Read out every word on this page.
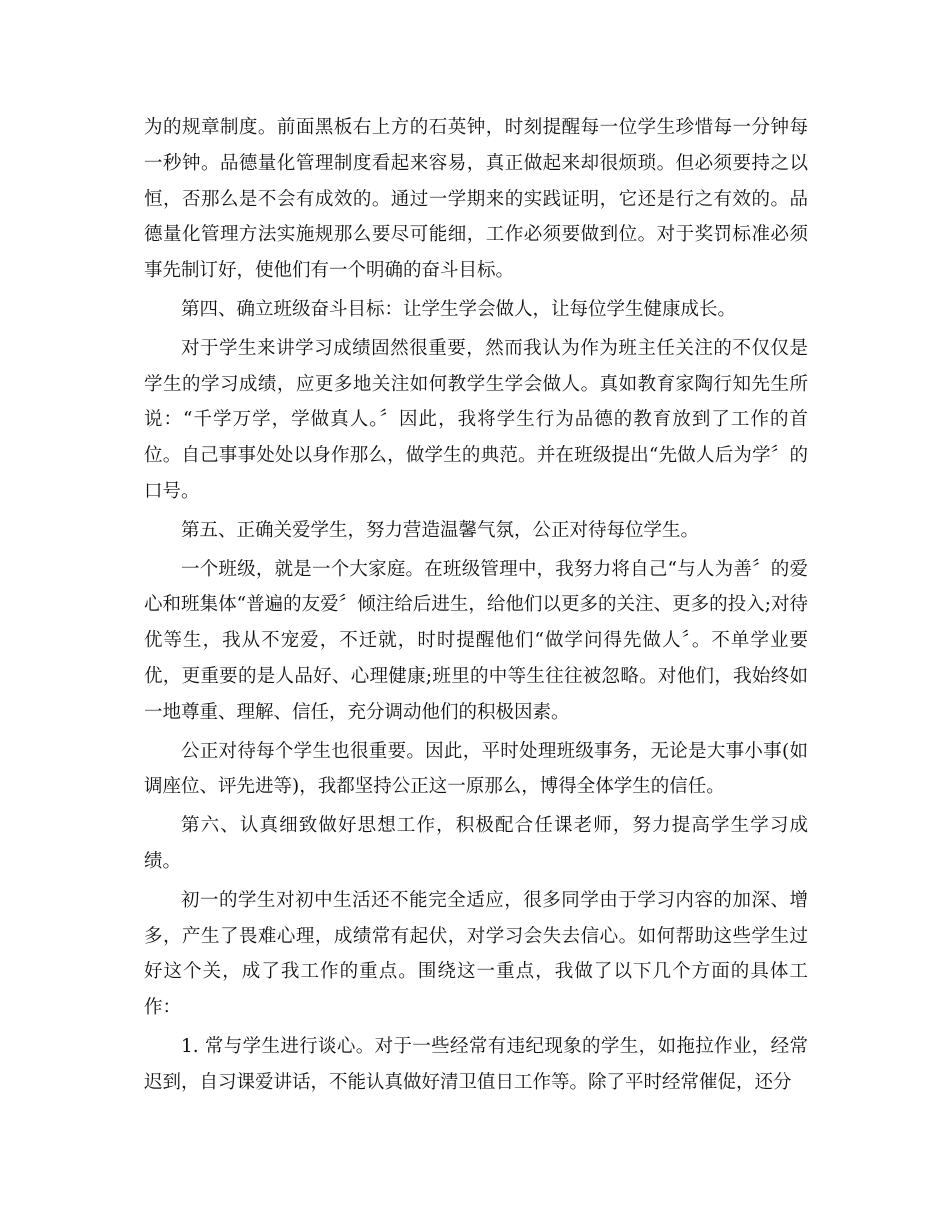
为的规章制度。前面黑板右上方的石英钟，时刻提醒每一位学生珍惜每一分钟每一秒钟。品德量化管理制度看起来容易，真正做起来却很烦琐。但必须要持之以恒，否那么是不会有成效的。通过一学期来的实践证明，它还是行之有效的。品德量化管理方法实施规那么要尽可能细，工作必须要做到位。对于奖罚标准必须事先制订好，使他们有一个明确的奋斗目标。

第四、确立班级奋斗目标：让学生学会做人，让每位学生健康成长。

对于学生来讲学习成绩固然很重要，然而我认为作为班主任关注的不仅仅是学生的学习成绩，应更多地关注如何教学生学会做人。真如教育家陶行知先生所说：“千学万学，学做真人。〞因此，我将学生行为品德的教育放到了工作的首位。自己事事处处以身作那么，做学生的典范。并在班级提出“先做人后为学〞的口号。

第五、正确关爱学生，努力营造温馨气氛，公正对待每位学生。

一个班级，就是一个大家庭。在班级管理中，我努力将自己“与人为善〞的爱心和班集体“普遍的友爱〞倾注给后进生，给他们以更多的关注、更多的投入;对待优等生，我从不宠爱，不迁就，时时提醒他们“做学问得先做人〞。不单学业要优，更重要的是人品好、心理健康;班里的中等生往往被忽略。对他们，我始终如一地尊重、理解、信任，充分调动他们的积极因素。

公正对待每个学生也很重要。因此，平时处理班级事务，无论是大事小事(如调座位、评先进等)，我都坚持公正这一原那么，博得全体学生的信任。

第六、认真细致做好思想工作，积极配合任课老师，努力提高学生学习成绩。

初一的学生对初中生活还不能完全适应，很多同学由于学习内容的加深、增多，产生了畏难心理，成绩常有起伏，对学习会失去信心。如何帮助这些学生过好这个关，成了我工作的重点。围绕这一重点，我做了以下几个方面的具体工作：

1. 常与学生进行谈心。对于一些经常有违纪现象的学生，如拖拉作业，经常迟到，自习课爱讲话，不能认真做好清卫值日工作等。除了平时经常催促，还分
